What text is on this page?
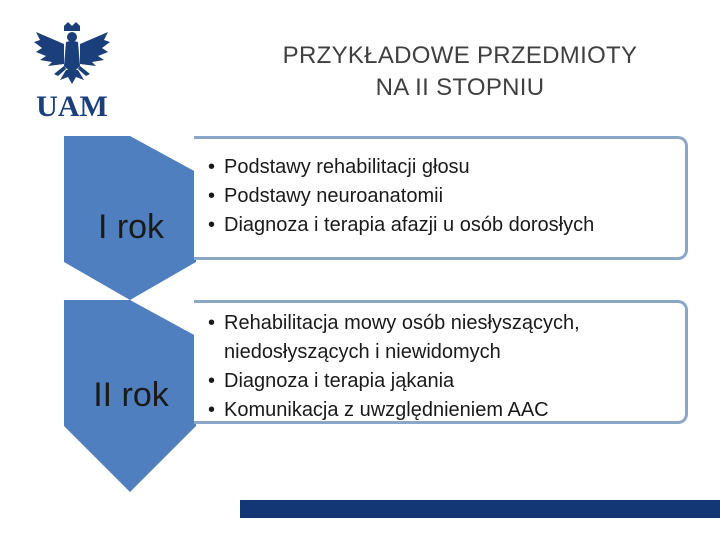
UAM
PRZYKŁADOWE PRZEDMIOTY
NA II STOPNIU
I rok
II rok
• Podstawy rehabilitacji głosu
• Podstawy neuroanatomii
• Diagnoza i terapia afazji u osób dorosłych
• Rehabilitacja mowy osób niesłyszących, niedosłyszących i niewidomych
• Diagnoza i terapia jąkania
• Komunikacja z uwzględnieniem AAC
